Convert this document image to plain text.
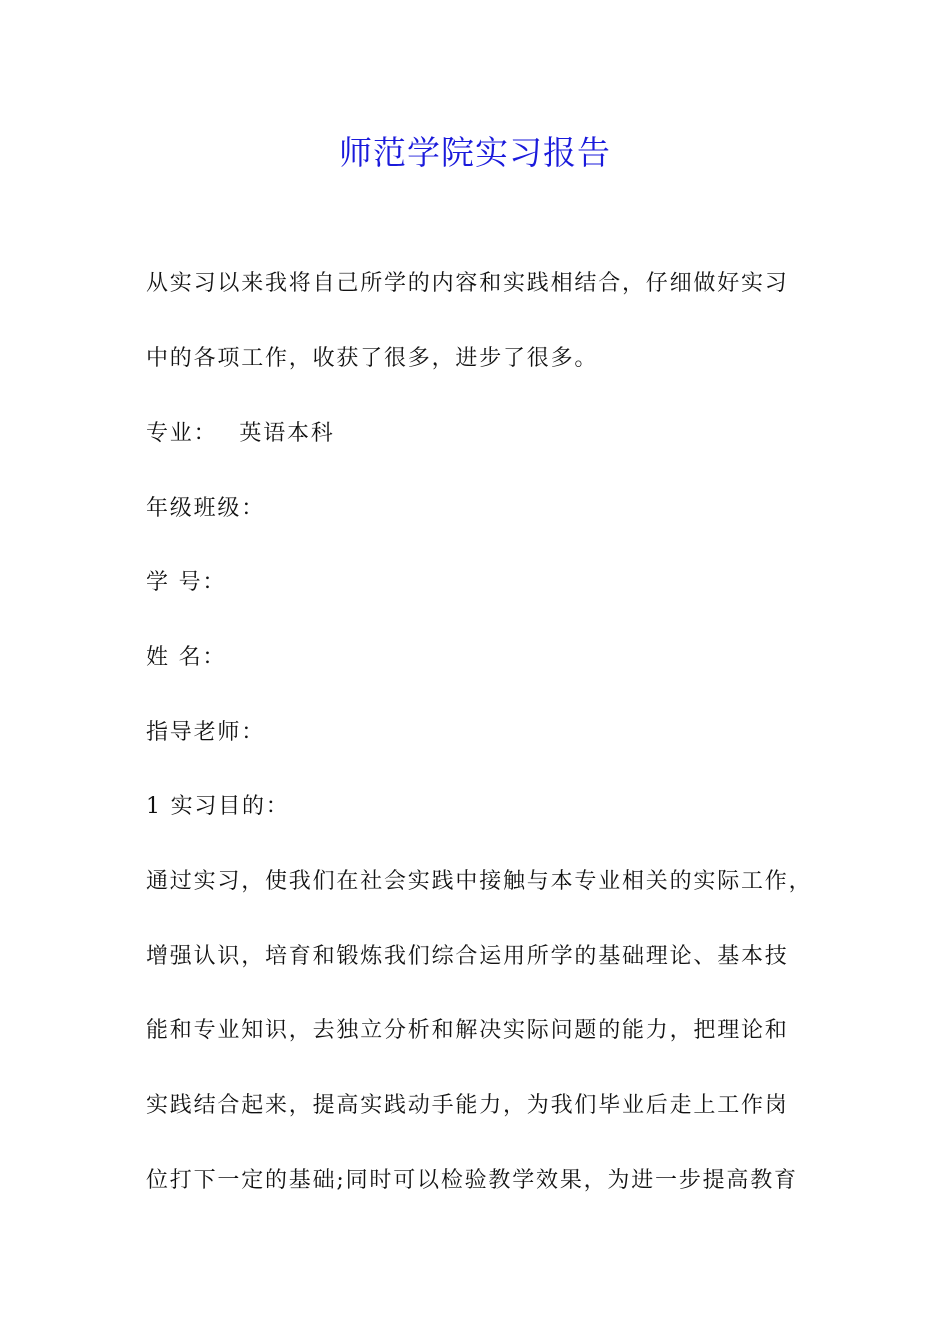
师范学院实习报告

从实习以来我将自己所学的内容和实践相结合，仔细做好实习

中的各项工作，收获了很多，进步了很多。

专业： 英语本科

年级班级：

学 号：

姓 名：

指导老师：

1 实习目的：

通过实习，使我们在社会实践中接触与本专业相关的实际工作，

增强认识，培育和锻炼我们综合运用所学的基础理论、基本技

能和专业知识，去独立分析和解决实际问题的能力，把理论和

实践结合起来，提高实践动手能力，为我们毕业后走上工作岗

位打下一定的基础;同时可以检验教学效果，为进一步提高教育
